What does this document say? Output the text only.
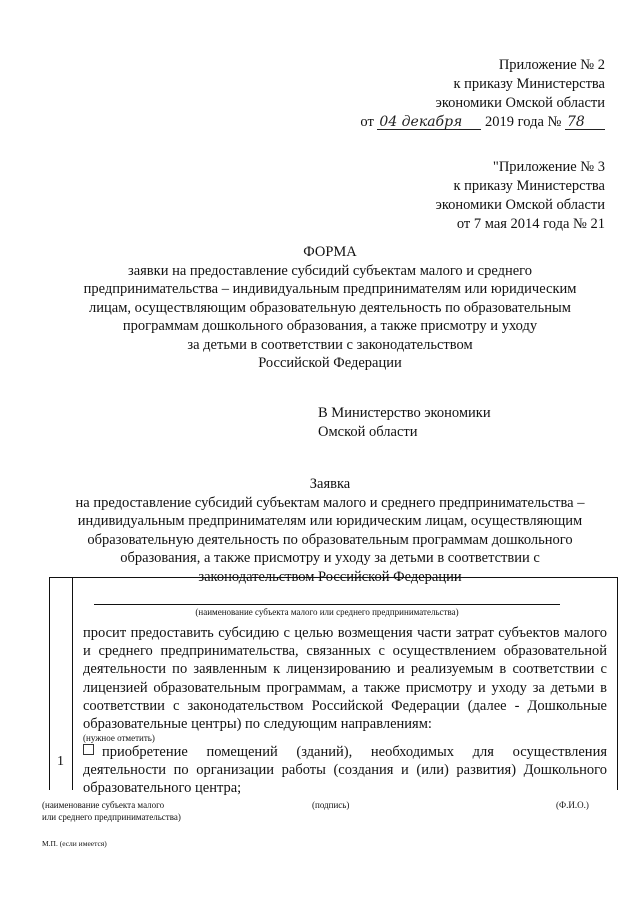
Приложение № 2
к приказу Министерства
экономики Омской области
от 04 декабря 2019 года № 78
"Приложение № 3
к приказу Министерства
экономики Омской области
от 7 мая 2014 года № 21
ФОРМА
заявки на предоставление субсидий субъектам малого и среднего
предпринимательства – индивидуальным предпринимателям или юридическим
лицам, осуществляющим образовательную деятельность по образовательным
программам дошкольного образования, а также присмотру и уходу
за детьми в соответствии с законодательством
Российской Федерации
В Министерство экономики
Омской области
Заявка
на предоставление субсидий субъектам малого и среднего предпринимательства –
индивидуальным предпринимателям или юридическим лицам, осуществляющим
образовательную деятельность по образовательным программам дошкольного
образования, а также присмотру и уходу за детьми в соответствии с
законодательством Российской Федерации
1
(наименование субъекта малого или среднего предпринимательства)

просит предоставить субсидию с целью возмещения части затрат субъектов малого и среднего предпринимательства, связанных с осуществлением образовательной деятельности по заявленным к лицензированию и реализуемым в соответствии с лицензией образовательным программам, а также присмотру и уходу за детьми в соответствии с законодательством Российской Федерации (далее - Дошкольные образовательные центры) по следующим направлениям:

(нужное отметить)
приобретение помещений (зданий), необходимых для осуществления деятельности по организации работы (создания и (или) развития) Дошкольного образовательного центра;
(наименование субъекта малого
или среднего предпринимательства)
(подпись)	(Ф.И.О.)
М.П. (если имеется)
